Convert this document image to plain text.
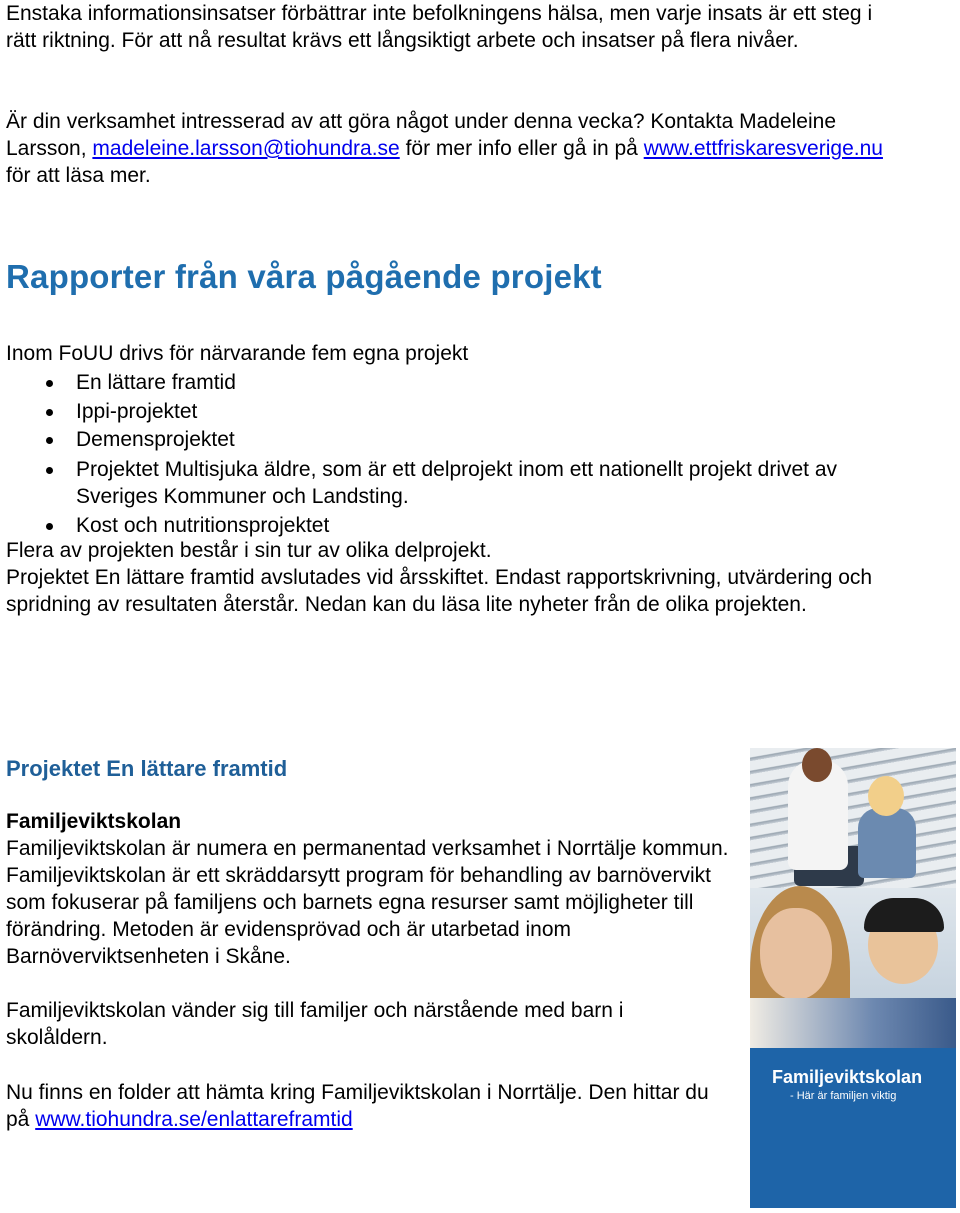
Enstaka informationsinsatser förbättrar inte befolkningens hälsa, men varje insats är ett steg i rätt riktning. För att nå resultat krävs ett långsiktigt arbete och insatser på flera nivåer.

Är din verksamhet intresserad av att göra något under denna vecka? Kontakta Madeleine Larsson, madeleine.larsson@tiohundra.se för mer info eller gå in på www.ettfriskaresverige.nu för att läsa mer.

Rapporter från våra pågående projekt

Inom FoUU drivs för närvarande fem egna projekt

En lättare framtid
Ippi-projektet
Demensprojektet
Projektet Multisjuka äldre, som är ett delprojekt inom ett nationellt projekt drivet av Sveriges Kommuner och Landsting.
Kost och nutritionsprojektet

Flera av projekten består i sin tur av olika delprojekt.

Projektet En lättare framtid avslutades vid årsskiftet. Endast rapportskrivning, utvärdering och spridning av resultaten återstår. Nedan kan du läsa lite nyheter från de olika projekten.

Projektet En lättare framtid
Familjeviktskolan

Familjeviktskolan är numera en permanentad verksamhet i Norrtälje kommun. Familjeviktskolan är ett skräddarsytt program för behandling av barnövervikt som fokuserar på familjens och barnets egna resurser samt möjligheter till förändring. Metoden är evidensprövad och är utarbetad inom Barnöverviktsenheten i Skåne.

Familjeviktskolan vänder sig till familjer och närstående med barn i skolåldern.

Nu finns en folder att hämta kring Familjeviktskolan i Norrtälje. Den hittar du på www.tiohundra.se/enlattareframtid

Familjeviktskolan
- Här är familjen viktig
